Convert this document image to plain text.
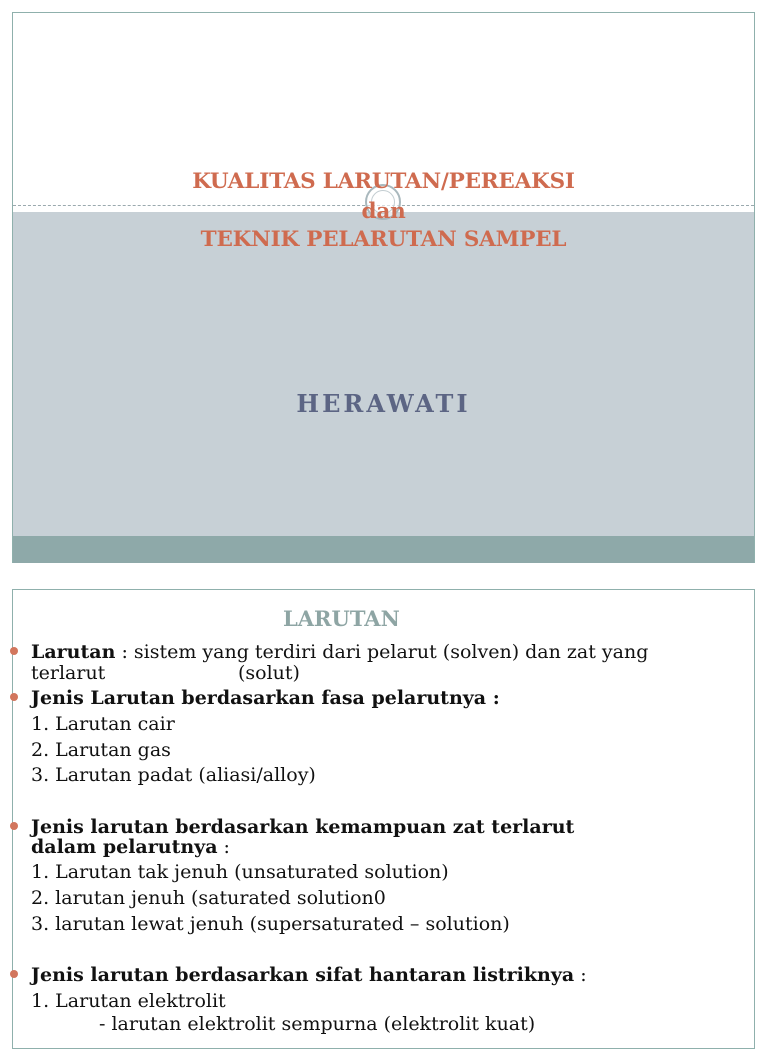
KUALITAS LARUTAN/PEREAKSI
dan
TEKNIK PELARUTAN SAMPEL
HERAWATI
LARUTAN
Larutan : sistem yang terdiri dari pelarut (solven) dan zat yang
terlarut	(solut)
Jenis Larutan berdasarkan fasa pelarutnya :
1. Larutan cair
2. Larutan gas
3. Larutan padat (aliasi/alloy)
Jenis larutan berdasarkan kemampuan zat terlarut
dalam pelarutnya :
1. Larutan tak jenuh (unsaturated solution)
2. larutan jenuh (saturated solution0
3. larutan lewat jenuh (supersaturated – solution)
Jenis larutan berdasarkan sifat hantaran listriknya :
1. Larutan elektrolit
- larutan elektrolit sempurna (elektrolit kuat)
